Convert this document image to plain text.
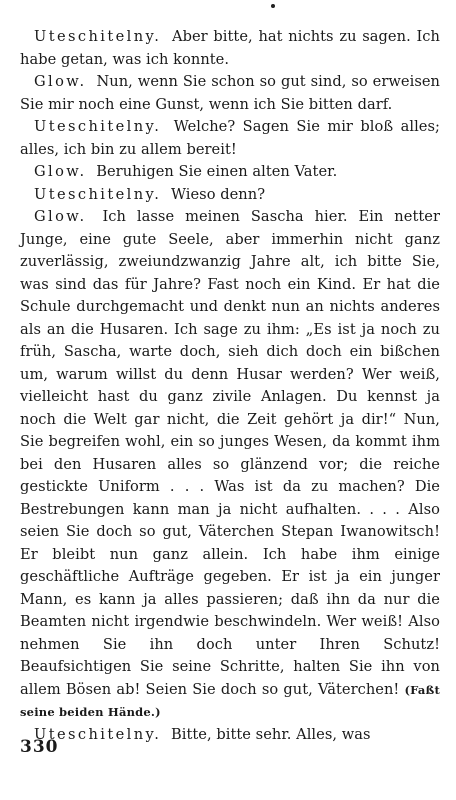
Uteschitelny. Aber bitte, hat nichts zu sagen. Ich habe getan, was ich konnte.

Glow. Nun, wenn Sie schon so gut sind, so erweisen Sie mir noch eine Gunst, wenn ich Sie bitten darf.

Uteschitelny. Welche? Sagen Sie mir bloß alles; alles, ich bin zu allem bereit!

Glow. Beruhigen Sie einen alten Vater.

Uteschitelny. Wieso denn?

Glow. Ich lasse meinen Sascha hier. Ein netter Junge, eine gute Seele, aber immerhin nicht ganz zuverlässig, zweiundzwanzig Jahre alt, ich bitte Sie, was sind das für Jahre? Fast noch ein Kind. Er hat die Schule durchgemacht und denkt nun an nichts anderes als an die Husaren. Ich sage zu ihm: „Es ist ja noch zu früh, Sascha, warte doch, sieh dich doch ein bißchen um, warum willst du denn Husar werden? Wer weiß, vielleicht hast du ganz zivile Anlagen. Du kennst ja noch die Welt gar nicht, die Zeit gehört ja dir!“ Nun, Sie begreifen wohl, ein so junges Wesen, da kommt ihm bei den Husaren alles so glänzend vor; die reiche gestickte Uniform . . . Was ist da zu machen? Die Bestrebungen kann man ja nicht aufhalten. . . . Also seien Sie doch so gut, Väterchen Stepan Iwanowitsch! Er bleibt nun ganz allein. Ich habe ihm einige geschäftliche Aufträge gegeben. Er ist ja ein junger Mann, es kann ja alles passieren; daß ihn da nur die Beamten nicht irgendwie beschwindeln. Wer weiß! Also nehmen Sie ihn doch unter Ihren Schutz! Beaufsichtigen Sie seine Schritte, halten Sie ihn von allem Bösen ab! Seien Sie doch so gut, Väterchen! (Faßt seine beiden Hände.)

Uteschitelny. Bitte, bitte sehr. Alles, was

330
